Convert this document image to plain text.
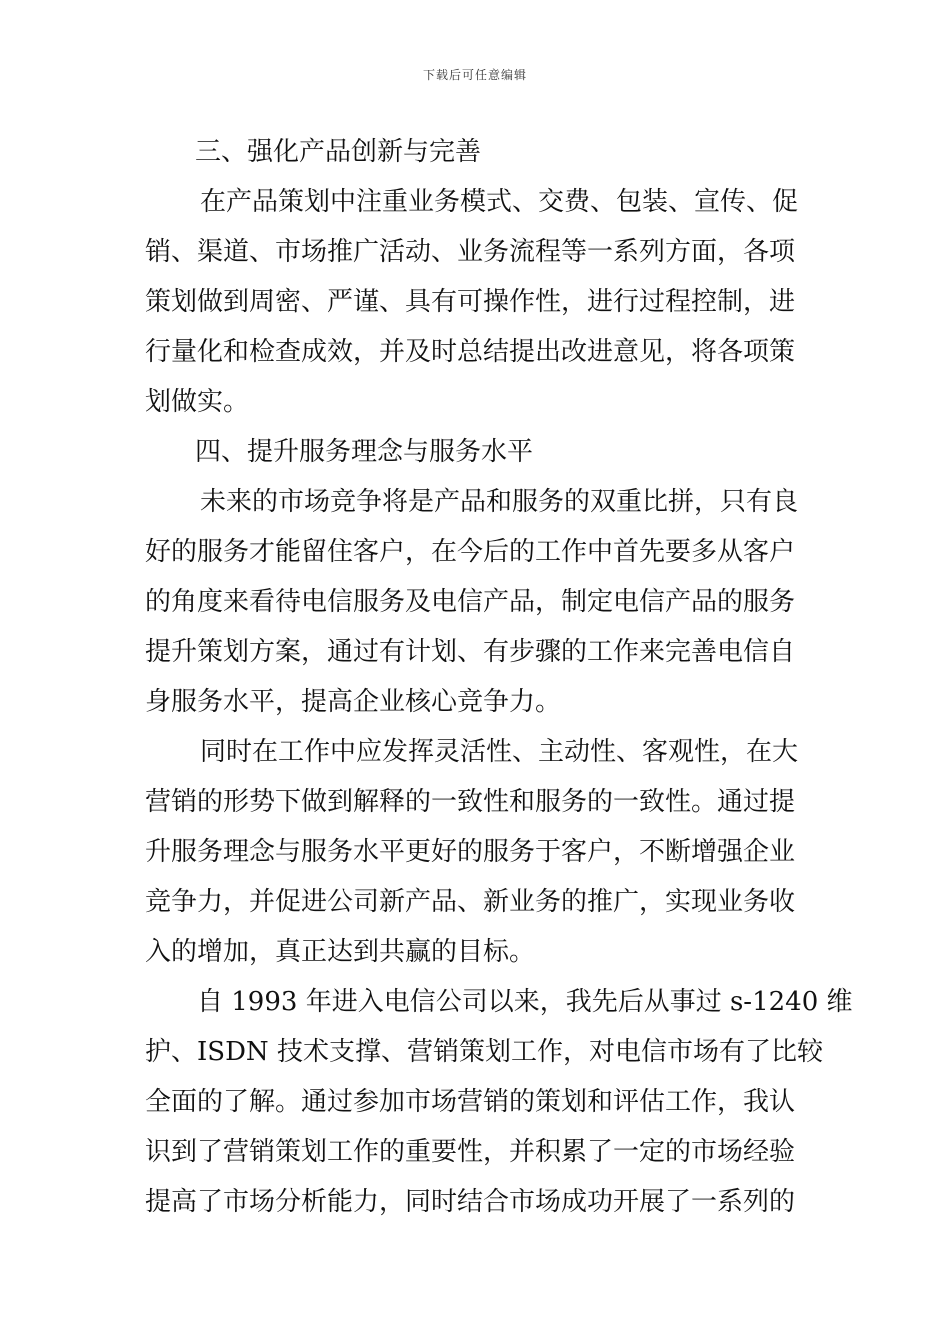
下载后可任意编辑
三、强化产品创新与完善
在产品策划中注重业务模式、交费、包装、宣传、促
销、渠道、市场推广活动、业务流程等一系列方面，各项
策划做到周密、严谨、具有可操作性，进行过程控制，进
行量化和检查成效，并及时总结提出改进意见，将各项策
划做实。
四、提升服务理念与服务水平
未来的市场竞争将是产品和服务的双重比拼，只有良
好的服务才能留住客户，在今后的工作中首先要多从客户
的角度来看待电信服务及电信产品，制定电信产品的服务
提升策划方案，通过有计划、有步骤的工作来完善电信自
身服务水平，提高企业核心竞争力。
同时在工作中应发挥灵活性、主动性、客观性，在大
营销的形势下做到解释的一致性和服务的一致性。通过提
升服务理念与服务水平更好的服务于客户，不断增强企业
竞争力，并促进公司新产品、新业务的推广，实现业务收
入的增加，真正达到共赢的目标。
自 1993 年进入电信公司以来，我先后从事过 s-1240 维
护、ISDN 技术支撑、营销策划工作，对电信市场有了比较
全面的了解。通过参加市场营销的策划和评估工作，我认
识到了营销策划工作的重要性，并积累了一定的市场经验
提高了市场分析能力，同时结合市场成功开展了一系列的
